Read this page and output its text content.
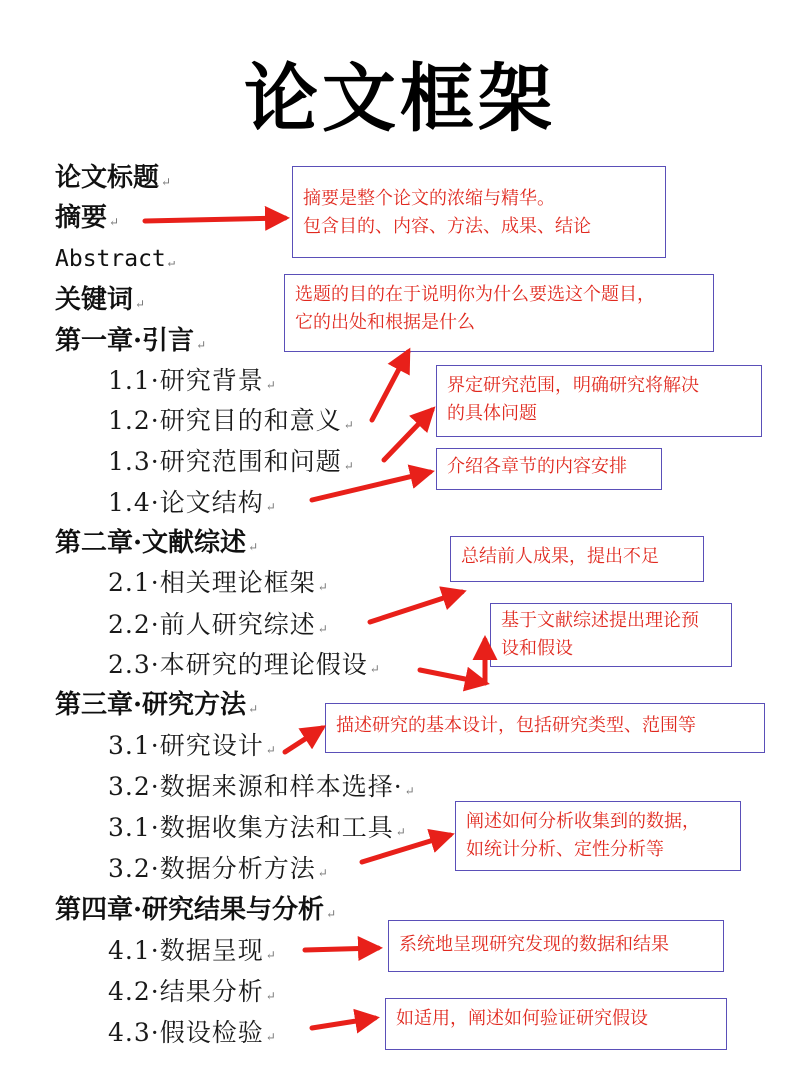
论文框架
论文标题 ↵
摘要 ↵
Abstract ↵
关键词 ↵
第一章·引言 ↵
1.1·研究背景 ↵
1.2·研究目的和意义 ↵
1.3·研究范围和问题 ↵
1.4·论文结构 ↵
第二章·文献综述 ↵
2.1·相关理论框架 ↵
2.2·前人研究综述 ↵
2.3·本研究的理论假设 ↵
第三章·研究方法 ↵
3.1·研究设计 ↵
3.2·数据来源和样本选择· ↵
3.1·数据收集方法和工具 ↵
3.2·数据分析方法 ↵
第四章·研究结果与分析 ↵
4.1·数据呈现 ↵
4.2·结果分析 ↵
4.3·假设检验 ↵
摘要是整个论文的浓缩与精华。
包含目的、内容、方法、成果、结论
选题的目的在于说明你为什么要选这个题目，
它的出处和根据是什么
界定研究范围，明确研究将解决
的具体问题
介绍各章节的内容安排
总结前人成果，提出不足
基于文献综述提出理论预
设和假设
描述研究的基本设计，包括研究类型、范围等
阐述如何分析收集到的数据，
如统计分析、定性分析等
系统地呈现研究发现的数据和结果
如适用，阐述如何验证研究假设
